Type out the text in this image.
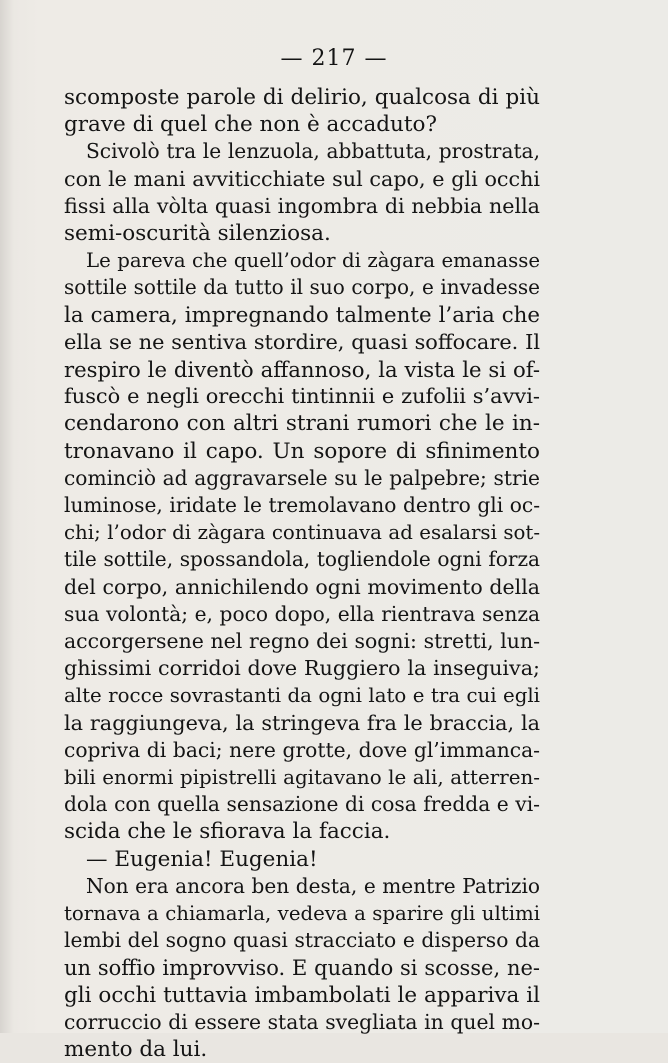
— 217 —
scomposte parole di delirio, qualcosa di più
grave di quel che non è accaduto?
Scivolò tra le lenzuola, abbattuta, prostrata,
con le mani avviticchiate sul capo, e gli occhi
fissi alla vòlta quasi ingombra di nebbia nella
semi-oscurità silenziosa.
Le pareva che quell’odor di zàgara emanasse
sottile sottile da tutto il suo corpo, e invadesse
la camera, impregnando talmente l’aria che
ella se ne sentiva stordire, quasi soffocare. Il
respiro le diventò affannoso, la vista le si of-
fuscò e negli orecchi tintinnii e zufolii s’avvi-
cendarono con altri strani rumori che le in-
tronavano il capo. Un sopore di sfinimento
cominciò ad aggravarsele su le palpebre; strie
luminose, iridate le tremolavano dentro gli oc-
chi; l’odor di zàgara continuava ad esalarsi sot-
tile sottile, spossandola, togliendole ogni forza
del corpo, annichilendo ogni movimento della
sua volontà; e, poco dopo, ella rientrava senza
accorgersene nel regno dei sogni: stretti, lun-
ghissimi corridoi dove Ruggiero la inseguiva;
alte rocce sovrastanti da ogni lato e tra cui egli
la raggiungeva, la stringeva fra le braccia, la
copriva di baci; nere grotte, dove gl’immanca-
bili enormi pipistrelli agitavano le ali, atterren-
dola con quella sensazione di cosa fredda e vi-
scida che le sfiorava la faccia.
— Eugenia! Eugenia!
Non era ancora ben desta, e mentre Patrizio
tornava a chiamarla, vedeva a sparire gli ultimi
lembi del sogno quasi stracciato e disperso da
un soffio improvviso. E quando si scosse, ne-
gli occhi tuttavia imbambolati le appariva il
corruccio di essere stata svegliata in quel mo-
mento da lui.
